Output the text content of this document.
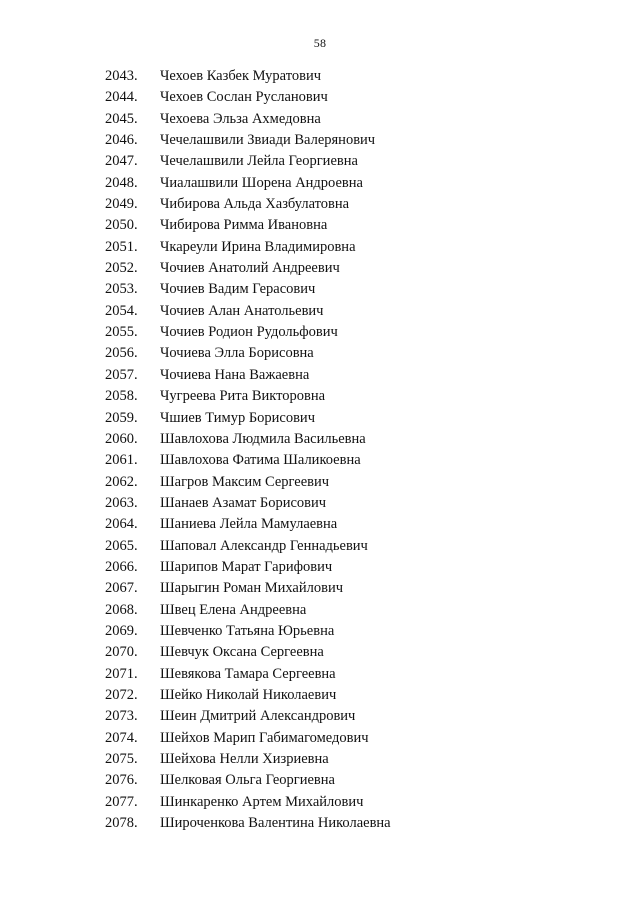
58
2043. Чехоев Казбек Муратович
2044. Чехоев Сослан Русланович
2045. Чехоева Эльза Ахмедовна
2046. Чечелашвили Звиади Валерянович
2047. Чечелашвили Лейла Георгиевна
2048. Чиалашвили Шорена Андроевна
2049. Чибирова Альда Хазбулатовна
2050. Чибирова Римма Ивановна
2051. Чкареули Ирина Владимировна
2052. Чочиев Анатолий Андреевич
2053. Чочиев Вадим Герасович
2054. Чочиев Алан Анатольевич
2055. Чочиев Родион Рудольфович
2056. Чочиева Элла Борисовна
2057. Чочиева Нана Важаевна
2058. Чугреева Рита Викторовна
2059. Чшиев Тимур Борисович
2060. Шавлохова Людмила Васильевна
2061. Шавлохова Фатима Шаликоевна
2062. Шагров Максим Сергеевич
2063. Шанаев Азамат Борисович
2064. Шаниева Лейла Мамулаевна
2065. Шаповал Александр Геннадьевич
2066. Шарипов Марат Гарифович
2067. Шарыгин Роман Михайлович
2068. Швец Елена Андреевна
2069. Шевченко Татьяна Юрьевна
2070. Шевчук Оксана Сергеевна
2071. Шевякова Тамара Сергеевна
2072. Шейко Николай Николаевич
2073. Шеин Дмитрий Александрович
2074. Шейхов Марип Габимагомедович
2075. Шейхова Нелли Хизриевна
2076. Шелковая Ольга Георгиевна
2077. Шинкаренко Артем Михайлович
2078. Широченкова Валентина Николаевна
